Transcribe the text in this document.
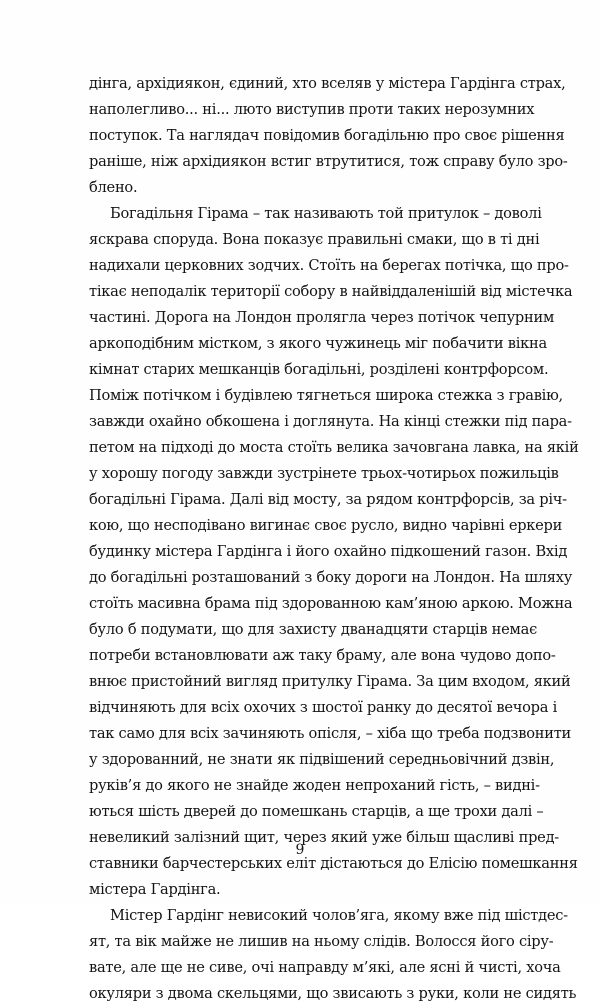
дінга, архідиякон, єдиний, хто вселяв у містера Гардінга страх,
наполегливо... ні... люто виступив проти таких нерозумних
поступок. Та наглядач повідомив богадільню про своє рішення
раніше, ніж архідиякон встиг втрутитися, тож справу було зро-
блено.
Богадільня Гірама – так називають той притулок – доволі
яскрава споруда. Вона показує правильні смаки, що в ті дні
надихали церковних зодчих. Стоїть на берегах потічка, що про-
тікає неподалік території собору в найвіддаленішій від містечка
частині. Дорога на Лондон пролягла через потічок чепурним
аркоподібним містком, з якого чужинець міг побачити вікна
кімнат старих мешканців богадільні, розділені контрфорсом.
Поміж потічком і будівлею тягнеться широка стежка з гравію,
завжди охайно обкошена і доглянута. На кінці стежки під пара-
петом на підході до моста стоїть велика зачовгана лавка, на якій
у хорошу погоду завжди зустрінете трьох-чотирьох пожильців
богадільні Гірама. Далі від мосту, за рядом контрфорсів, за річ-
кою, що несподівано вигинає своє русло, видно чарівні еркери
будинку містера Гардінга і його охайно підкошений газон. Вхід
до богадільні розташований з боку дороги на Лондон. На шляху
стоїть масивна брама під здорованною кам’яною аркою. Можна
було б подумати, що для захисту дванадцяти старців немає
потреби встановлювати аж таку браму, але вона чудово допо-
внює пристойний вигляд притулку Гірама. За цим входом, який
відчиняють для всіх охочих з шостої ранку до десятої вечора і
так само для всіх зачиняють опісля, – хіба що треба подзвонити
у здорованний, не знати як підвішений середньовічний дзвін,
руків’я до якого не знайде жоден непроханий гість, – видні-
ються шість дверей до помешкань старців, а ще трохи далі –
невеликий залізний щит, через який уже більш щасливі пред-
ставники барчестерських еліт дістаються до Елісію помешкання
містера Гардінга.
Містер Гардінг невисокий чолов’яга, якому вже під шістдес-
ят, та вік майже не лишив на ньому слідів. Волосся його сіру-
вате, але ще не сиве, очі направду м’які, але ясні й чисті, хоча
окуляри з двома скельцями, що звисають з руки, коли не сидять
9
